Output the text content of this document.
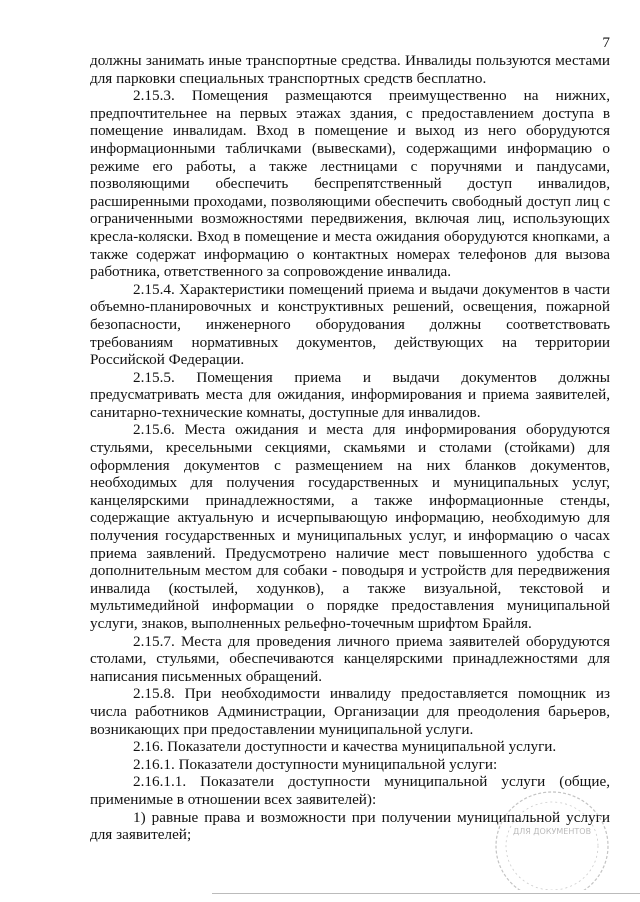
7

должны занимать иные транспортные средства. Инвалиды пользуются местами для парковки специальных транспортных средств бесплатно.

2.15.3. Помещения размещаются преимущественно на нижних, предпочтительнее на первых этажах здания, с предоставлением доступа в помещение инвалидам. Вход в помещение и выход из него оборудуются информационными табличками (вывесками), содержащими информацию о режиме его работы, а также лестницами с поручнями и пандусами, позволяющими обеспечить беспрепятственный доступ инвалидов, расширенными проходами, позволяющими обеспечить свободный доступ лиц с ограниченными возможностями передвижения, включая лиц, использующих кресла-коляски. Вход в помещение и места ожидания оборудуются кнопками, а также содержат информацию о контактных номерах телефонов для вызова работника, ответственного за сопровождение инвалида.

2.15.4. Характеристики помещений приема и выдачи документов в части объемно-планировочных и конструктивных решений, освещения, пожарной безопасности, инженерного оборудования должны соответствовать требованиям нормативных документов, действующих на территории Российской Федерации.

2.15.5. Помещения приема и выдачи документов должны предусматривать места для ожидания, информирования и приема заявителей, санитарно-технические комнаты, доступные для инвалидов.

2.15.6. Места ожидания и места для информирования оборудуются стульями, кресельными секциями, скамьями и столами (стойками) для оформления документов с размещением на них бланков документов, необходимых для получения государственных и муниципальных услуг, канцелярскими принадлежностями, а также информационные стенды, содержащие актуальную и исчерпывающую информацию, необходимую для получения государственных и муниципальных услуг, и информацию о часах приема заявлений. Предусмотрено наличие мест повышенного удобства с дополнительным местом для собаки - поводыря и устройств для передвижения инвалида (костылей, ходунков), а также визуальной, текстовой и мультимедийной информации о порядке предоставления муниципальной услуги, знаков, выполненных рельефно-точечным шрифтом Брайля.

2.15.7. Места для проведения личного приема заявителей оборудуются столами, стульями, обеспечиваются канцелярскими принадлежностями для написания письменных обращений.

2.15.8. При необходимости инвалиду предоставляется помощник из числа работников Администрации, Организации для преодоления барьеров, возникающих при предоставлении муниципальной услуги.

2.16. Показатели доступности и качества муниципальной услуги.

2.16.1. Показатели доступности муниципальной услуги:

2.16.1.1. Показатели доступности муниципальной услуги (общие, применимые в отношении всех заявителей):

1) равные права и возможности при получении муниципальной услуги для заявителей;	ДЛЯ ДОКУМЕНТОВ
